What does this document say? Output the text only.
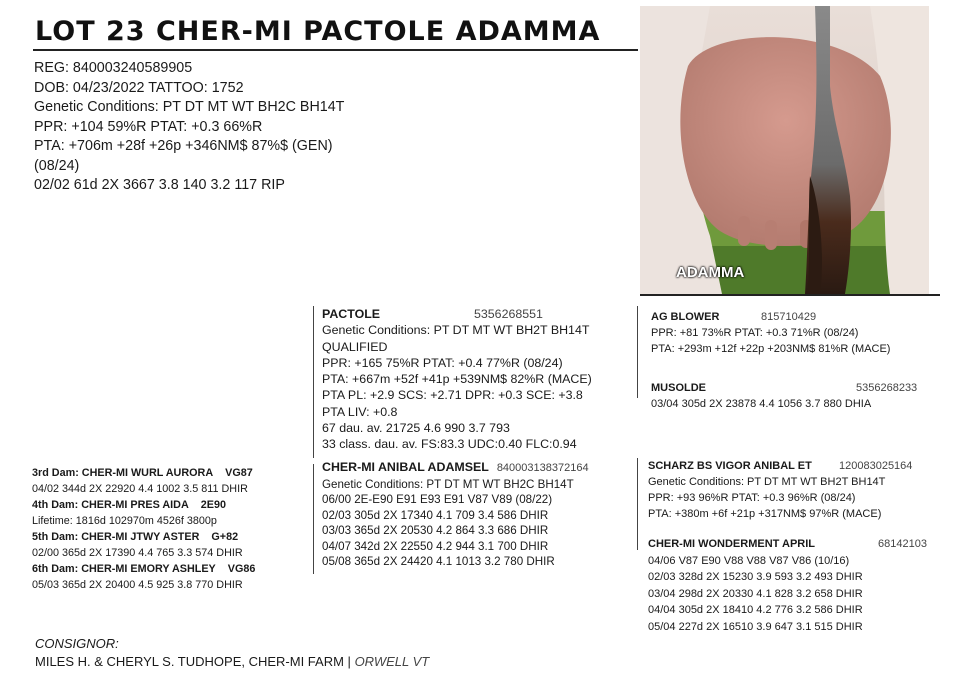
LOT 23 CHER-MI PACTOLE ADAMMA
REG: 840003240589905
DOB: 04/23/2022 TATTOO: 1752
Genetic Conditions: PT DT MT WT BH2C BH14T
PPR: +104 59%R PTAT: +0.3 66%R
PTA: +706m +28f +26p +346NM$ 87%$ (GEN)
(08/24)
02/02 61d 2X 3667 3.8 140 3.2 117 RIP
ADAMMA
PACTOLE	5356268551
Genetic Conditions: PT DT MT WT BH2T BH14T
QUALIFIED
PPR: +165 75%R PTAT: +0.4 77%R (08/24)
PTA: +667m +52f +41p +539NM$ 82%R (MACE)
PTA PL: +2.9 SCS: +2.71 DPR: +0.3 SCE: +3.8
PTA LIV: +0.8
67 dau. av. 21725 4.6 990 3.7 793
33 class. dau. av. FS:83.3 UDC:0.40 FLC:0.94
CHER-MI ANIBAL ADAMSEL 840003138372164
Genetic Conditions: PT DT MT WT BH2C BH14T
06/00 2E-E90 E91 E93 E91 V87 V89 (08/22)
02/03 305d 2X 17340 4.1 709 3.4 586 DHIR
03/03 365d 2X 20530 4.2 864 3.3 686 DHIR
04/07 342d 2X 22550 4.2 944 3.1 700 DHIR
05/08 365d 2X 24420 4.1 1013 3.2 780 DHIR
AG BLOWER	815710429
PPR: +81 73%R PTAT: +0.3 71%R (08/24)
PTA: +293m +12f +22p +203NM$ 81%R (MACE)
MUSOLDE	5356268233
03/04 305d 2X 23878 4.4 1056 3.7 880 DHIA
SCHARZ BS VIGOR ANIBAL ET 120083025164
Genetic Conditions: PT DT MT WT BH2T BH14T
PPR: +93 96%R PTAT: +0.3 96%R (08/24)
PTA: +380m +6f +21p +317NM$ 97%R (MACE)
CHER-MI WONDERMENT APRIL	68142103
04/06 V87 E90 V88 V88 V87 V86 (10/16)
02/03 328d 2X 15230 3.9 593 3.2 493 DHIR
03/04 298d 2X 20330 4.1 828 3.2 658 DHIR
04/04 305d 2X 18410 4.2 776 3.2 586 DHIR
05/04 227d 2X 16510 3.9 647 3.1 515 DHIR
3rd Dam: CHER-MI WURL AURORA VG87
04/02 344d 2X 22920 4.4 1002 3.5 811 DHIR
4th Dam: CHER-MI PRES AIDA 2E90
Lifetime: 1816d 102970m 4526f 3800p
5th Dam: CHER-MI JTWY ASTER G+82
02/00 365d 2X 17390 4.4 765 3.3 574 DHIR
6th Dam: CHER-MI EMORY ASHLEY VG86
05/03 365d 2X 20400 4.5 925 3.8 770 DHIR
CONSIGNOR:
MILES H. & CHERYL S. TUDHOPE, CHER-MI FARM | ORWELL VT
